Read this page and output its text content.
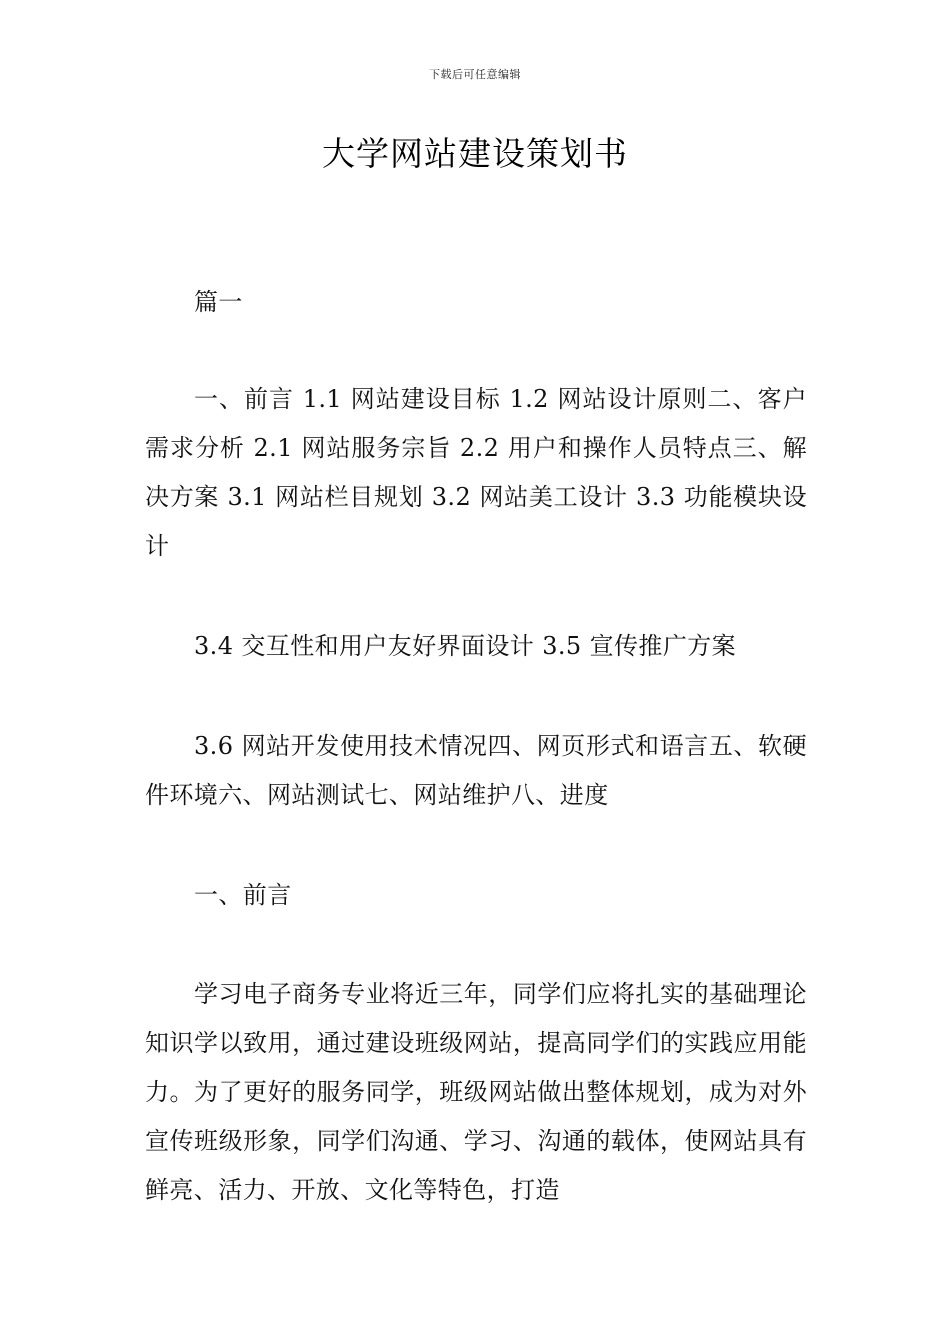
下载后可任意编辑
大学网站建设策划书

篇一

一、前言 1.1 网站建设目标 1.2 网站设计原则二、客户需求分析 2.1 网站服务宗旨 2.2 用户和操作人员特点三、解决方案 3.1 网站栏目规划 3.2 网站美工设计 3.3 功能模块设计

3.4 交互性和用户友好界面设计 3.5 宣传推广方案

3.6 网站开发使用技术情况四、网页形式和语言五、软硬件环境六、网站测试七、网站维护八、进度

一、前言

学习电子商务专业将近三年，同学们应将扎实的基础理论知识学以致用，通过建设班级网站，提高同学们的实践应用能力。为了更好的服务同学，班级网站做出整体规划，成为对外宣传班级形象，同学们沟通、学习、沟通的载体，使网站具有鲜亮、活力、开放、文化等特色，打造
